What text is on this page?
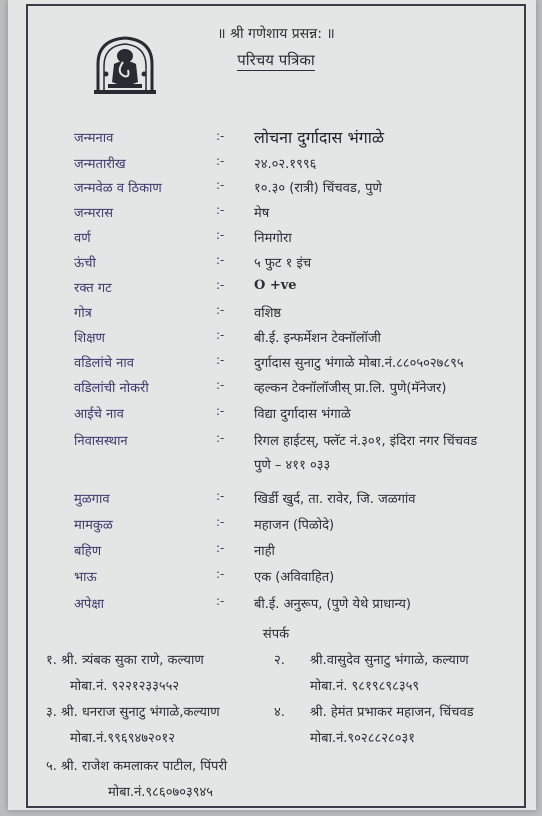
॥ श्री गणेशाय प्रसन्न: ॥
परिचय पत्रिका
जन्मनाव	:- लोचना दुर्गादास भंगाळे
जन्मतारीख	:- २४.०२.१९९६
जन्मवेळ व ठिकाण	:- १०.३० (रात्री) चिंचवड, पुणे
जन्मरास	:- मेष
वर्ण	:- निमगोरा
ऊंची	:- ५ फुट १ इंच
रक्त गट	:- O +ve
गोत्र	:- वशिष्ठ
शिक्षण	:- बी.ई. इन्फर्मेशन टेक्नॉलॉजी
वडिलांचे नाव	:- दुर्गादास सुनाटु भंगाळे मोबा.नं.८८०५०२७८९५
वडिलांची नोकरी	:- व्हल्कन टेक्नॉलॉजीस् प्रा.लि. पुणे(मॅनेजर)
आईचे नाव	:- विद्या दुर्गादास भंगाळे
निवासस्थान	:- रिगल हाईटस्, फ्लॅट नं.३०१, इंदिरा नगर चिंचवड
पुणे – ४११ ०३३
मुळगाव	:- खिर्डी खुर्द, ता. रावेर, जि. जळगांव
मामकुळ	:- महाजन (पिळोदे)
बहिण	:- नाही
भाऊ	:- एक (अविवाहित)
अपेक्षा	:- बी.ई. अनुरूप, (पुणे येथे प्राधान्य)
संपर्क
१. श्री. त्र्यंबक सुका राणे, कल्याण
मोबा.नं. ९२२१२३३५५२
२. श्री.वासुदेव सुनाटु भंगाळे, कल्याण
मोबा.नं. ९८१९८९८३५९
३. श्री. धनराज सुनाटु भंगाळे,कल्याण
मोबा.नं.९९६९४७२०१२
४. श्री. हेमंत प्रभाकर महाजन, चिंचवड
मोबा.नं.९०२८८२८०३१
५. श्री. राजेश कमलाकर पाटील, पिंपरी
मोबा.नं.९८६०७०३९४५
